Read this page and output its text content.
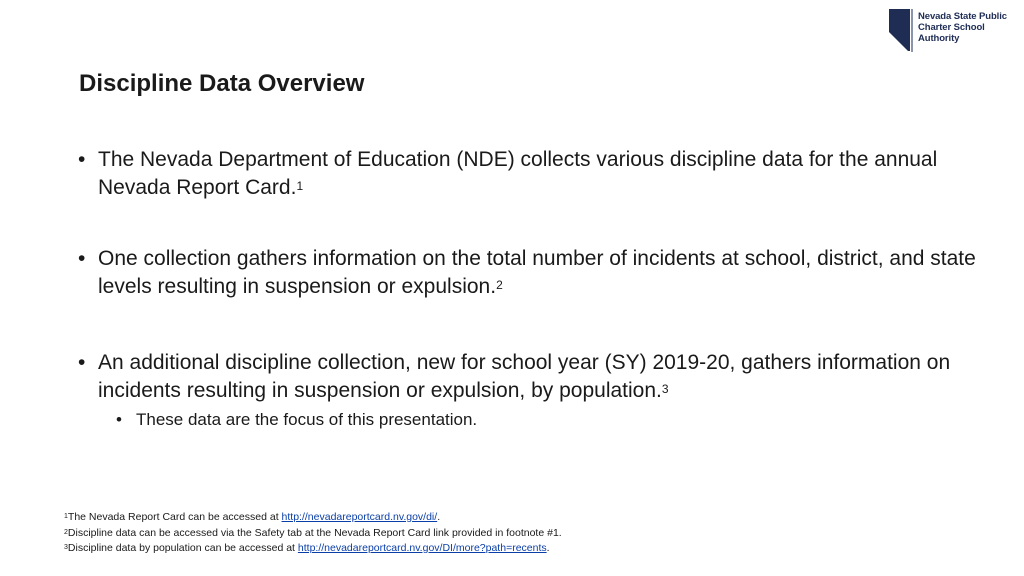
Nevada State Public
Charter School
Authority
Discipline Data Overview
• The Nevada Department of Education (NDE) collects various discipline data for the annual Nevada Report Card.$^1$
• One collection gathers information on the total number of incidents at school, district, and state levels resulting in suspension or expulsion.$^2$
• An additional discipline collection, new for school year (SY) 2019-20, gathers information on incidents resulting in suspension or expulsion, by population.$^3$
• These data are the focus of this presentation.
$^1$The Nevada Report Card can be accessed at http://nevadareportcard.nv.gov/di/.
$^2$Discipline data can be accessed via the Safety tab at the Nevada Report Card link provided in footnote #1.
$^3$Discipline data by population can be accessed at http://nevadareportcard.nv.gov/DI/more?path=recents.
